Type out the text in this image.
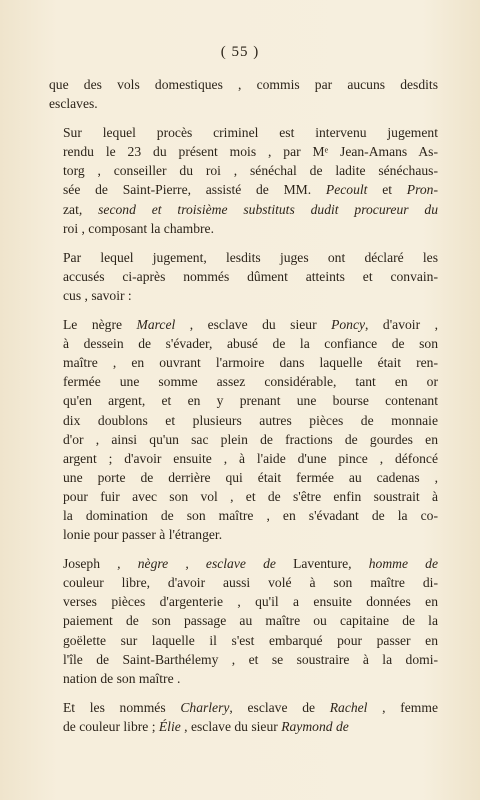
( 55 )

que des vols domestiques , commis par aucuns desdits
esclaves.

Sur lequel procès criminel est intervenu jugement
rendu le 23 du présent mois , par Mᵉ Jean-Amans As-
torg , conseiller du roi , sénéchal de ladite sénéchaus-
sée de Saint-Pierre, assisté de MM. Pecoult et Pron-
zat, second et troisième substituts dudit procureur du
roi , composant la chambre.

Par lequel jugement, lesdits juges ont déclaré les
accusés ci-après nommés dûment atteints et convain-
cus , savoir :

Le nègre Marcel , esclave du sieur Poncy, d'avoir ,
à dessein de s'évader, abusé de la confiance de son
maître , en ouvrant l'armoire dans laquelle était ren-
fermée une somme assez considérable, tant en or
qu'en argent, et en y prenant une bourse contenant
dix doublons et plusieurs autres pièces de monnaie
d'or , ainsi qu'un sac plein de fractions de gourdes en
argent ; d'avoir ensuite , à l'aide d'une pince , défoncé
une porte de derrière qui était fermée au cadenas ,
pour fuir avec son vol , et de s'être enfin soustrait à
la domination de son maître , en s'évadant de la co-
lonie pour passer à l'étranger.

Joseph , nègre , esclave de Laventure, homme de
couleur libre, d'avoir aussi volé à son maître di-
verses pièces d'argenterie , qu'il a ensuite données en
paiement de son passage au maître ou capitaine de la
goëlette sur laquelle il s'est embarqué pour passer en
l'île de Saint-Barthélemy , et se soustraire à la domi-
nation de son maître .

Et les nommés Charlery, esclave de Rachel , femme
de couleur libre ; Élie , esclave du sieur Raymond de
